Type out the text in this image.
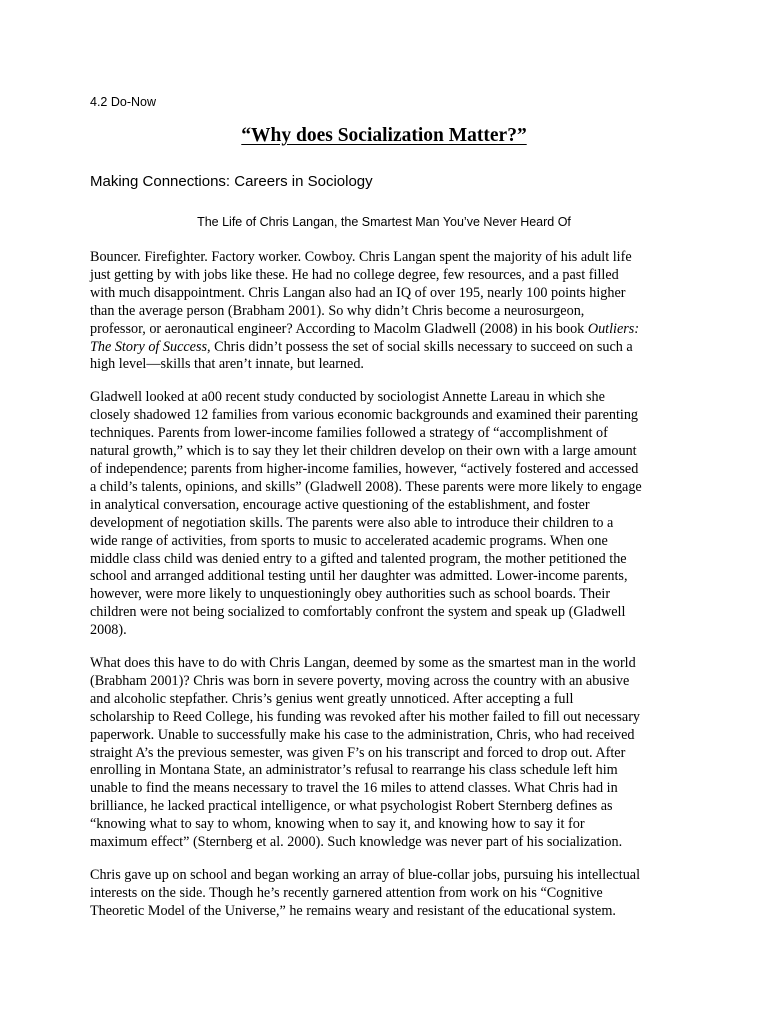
4.2 Do-Now
“Why does Socialization Matter?”
Making Connections: Careers in Sociology
The Life of Chris Langan, the Smartest Man You’ve Never Heard Of

Bouncer. Firefighter. Factory worker. Cowboy. Chris Langan spent the majority of his adult life
just getting by with jobs like these. He had no college degree, few resources, and a past filled
with much disappointment. Chris Langan also had an IQ of over 195, nearly 100 points higher
than the average person (Brabham 2001). So why didn’t Chris become a neurosurgeon,
professor, or aeronautical engineer? According to Macolm Gladwell (2008) in his book Outliers:
The Story of Success, Chris didn’t possess the set of social skills necessary to succeed on such a
high level—skills that aren’t innate, but learned.

Gladwell looked at a00 recent study conducted by sociologist Annette Lareau in which she
closely shadowed 12 families from various economic backgrounds and examined their parenting
techniques. Parents from lower-income families followed a strategy of “accomplishment of
natural growth,” which is to say they let their children develop on their own with a large amount
of independence; parents from higher-income families, however, “actively fostered and accessed
a child’s talents, opinions, and skills” (Gladwell 2008). These parents were more likely to engage
in analytical conversation, encourage active questioning of the establishment, and foster
development of negotiation skills. The parents were also able to introduce their children to a
wide range of activities, from sports to music to accelerated academic programs. When one
middle class child was denied entry to a gifted and talented program, the mother petitioned the
school and arranged additional testing until her daughter was admitted. Lower-income parents,
however, were more likely to unquestioningly obey authorities such as school boards. Their
children were not being socialized to comfortably confront the system and speak up (Gladwell
2008).

What does this have to do with Chris Langan, deemed by some as the smartest man in the world
(Brabham 2001)? Chris was born in severe poverty, moving across the country with an abusive
and alcoholic stepfather. Chris’s genius went greatly unnoticed. After accepting a full
scholarship to Reed College, his funding was revoked after his mother failed to fill out necessary
paperwork. Unable to successfully make his case to the administration, Chris, who had received
straight A’s the previous semester, was given F’s on his transcript and forced to drop out. After
enrolling in Montana State, an administrator’s refusal to rearrange his class schedule left him
unable to find the means necessary to travel the 16 miles to attend classes. What Chris had in
brilliance, he lacked practical intelligence, or what psychologist Robert Sternberg defines as
“knowing what to say to whom, knowing when to say it, and knowing how to say it for
maximum effect” (Sternberg et al. 2000). Such knowledge was never part of his socialization.

Chris gave up on school and began working an array of blue-collar jobs, pursuing his intellectual
interests on the side. Though he’s recently garnered attention from work on his “Cognitive
Theoretic Model of the Universe,” he remains weary and resistant of the educational system.
